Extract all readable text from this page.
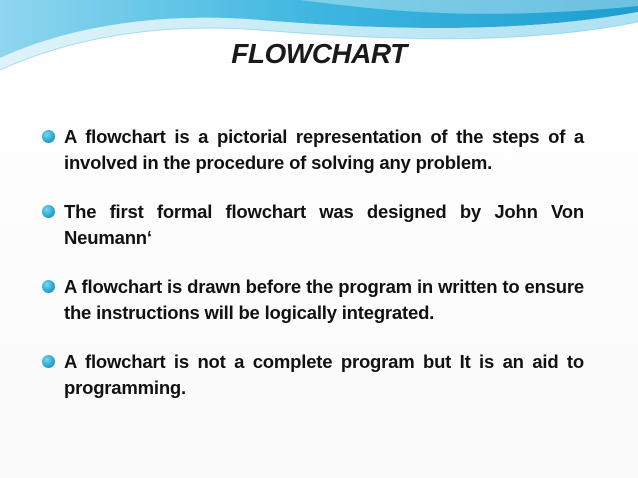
FLOWCHART
A flowchart is a pictorial representation of the steps of a involved in the procedure of solving any problem.
The first formal flowchart was designed by John Von Neumann‘
A flowchart is drawn before the program in written to ensure the instructions will be logically integrated.
A flowchart is not a complete program but It is an aid to programming.
